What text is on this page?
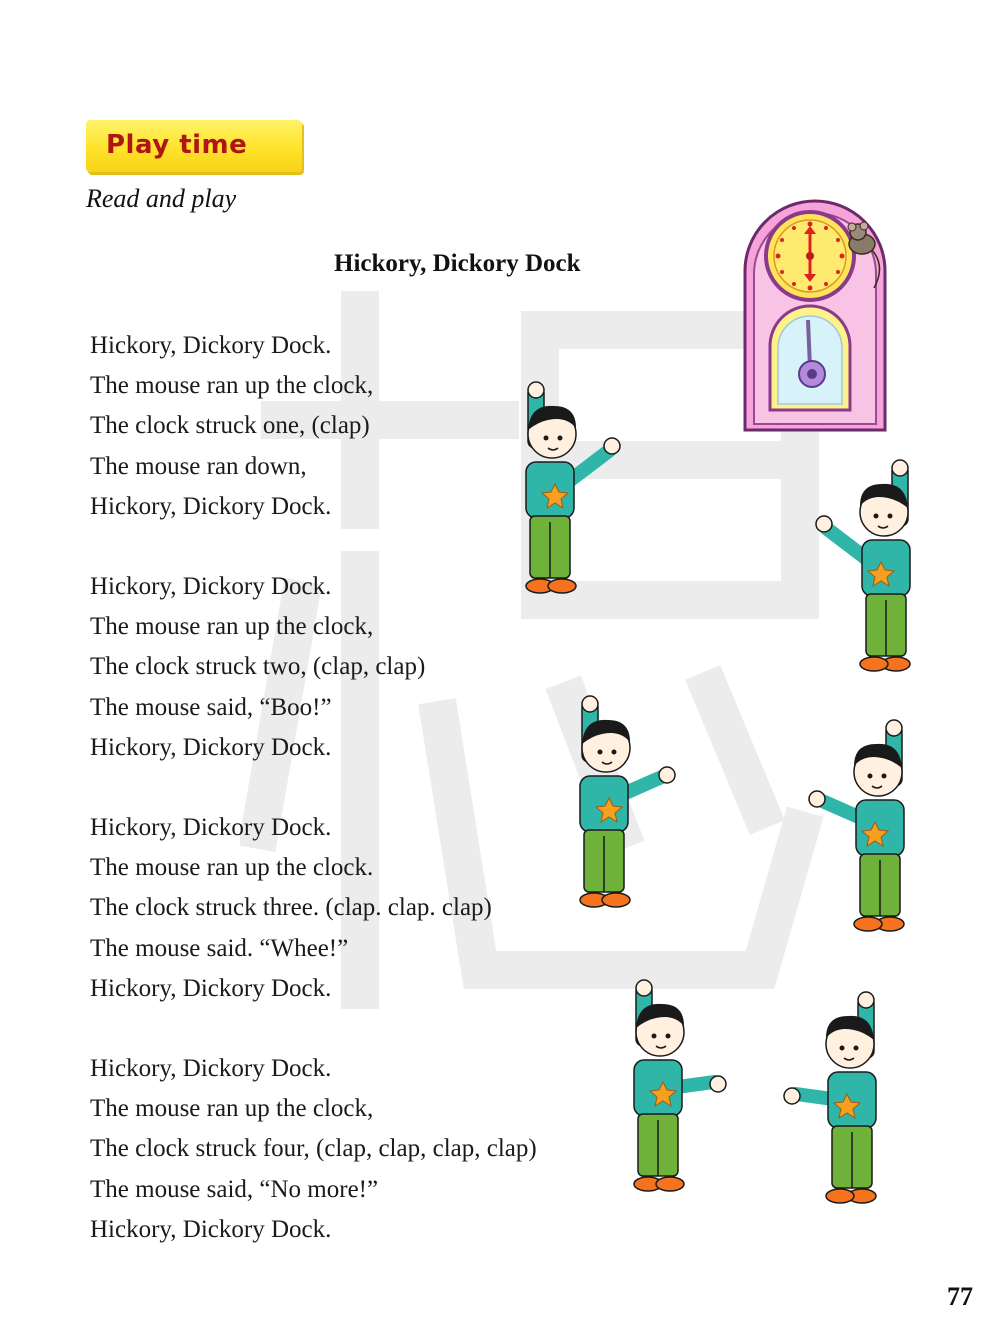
Play time
Read and play
Hickory, Dickory Dock
Hickory, Dickory Dock.
The mouse ran up the clock,
The clock struck one, (clap)
The mouse ran down,
Hickory, Dickory Dock.
Hickory, Dickory Dock.
The mouse ran up the clock,
The clock struck two, (clap, clap)
The mouse said, “Boo!”
Hickory, Dickory Dock.
Hickory, Dickory Dock.
The mouse ran up the clock.
The clock struck three. (clap. clap. clap)
The mouse said. “Whee!”
Hickory, Dickory Dock.
Hickory, Dickory Dock.
The mouse ran up the clock,
The clock struck four, (clap, clap, clap, clap)
The mouse said, “No more!”
Hickory, Dickory Dock.
77
